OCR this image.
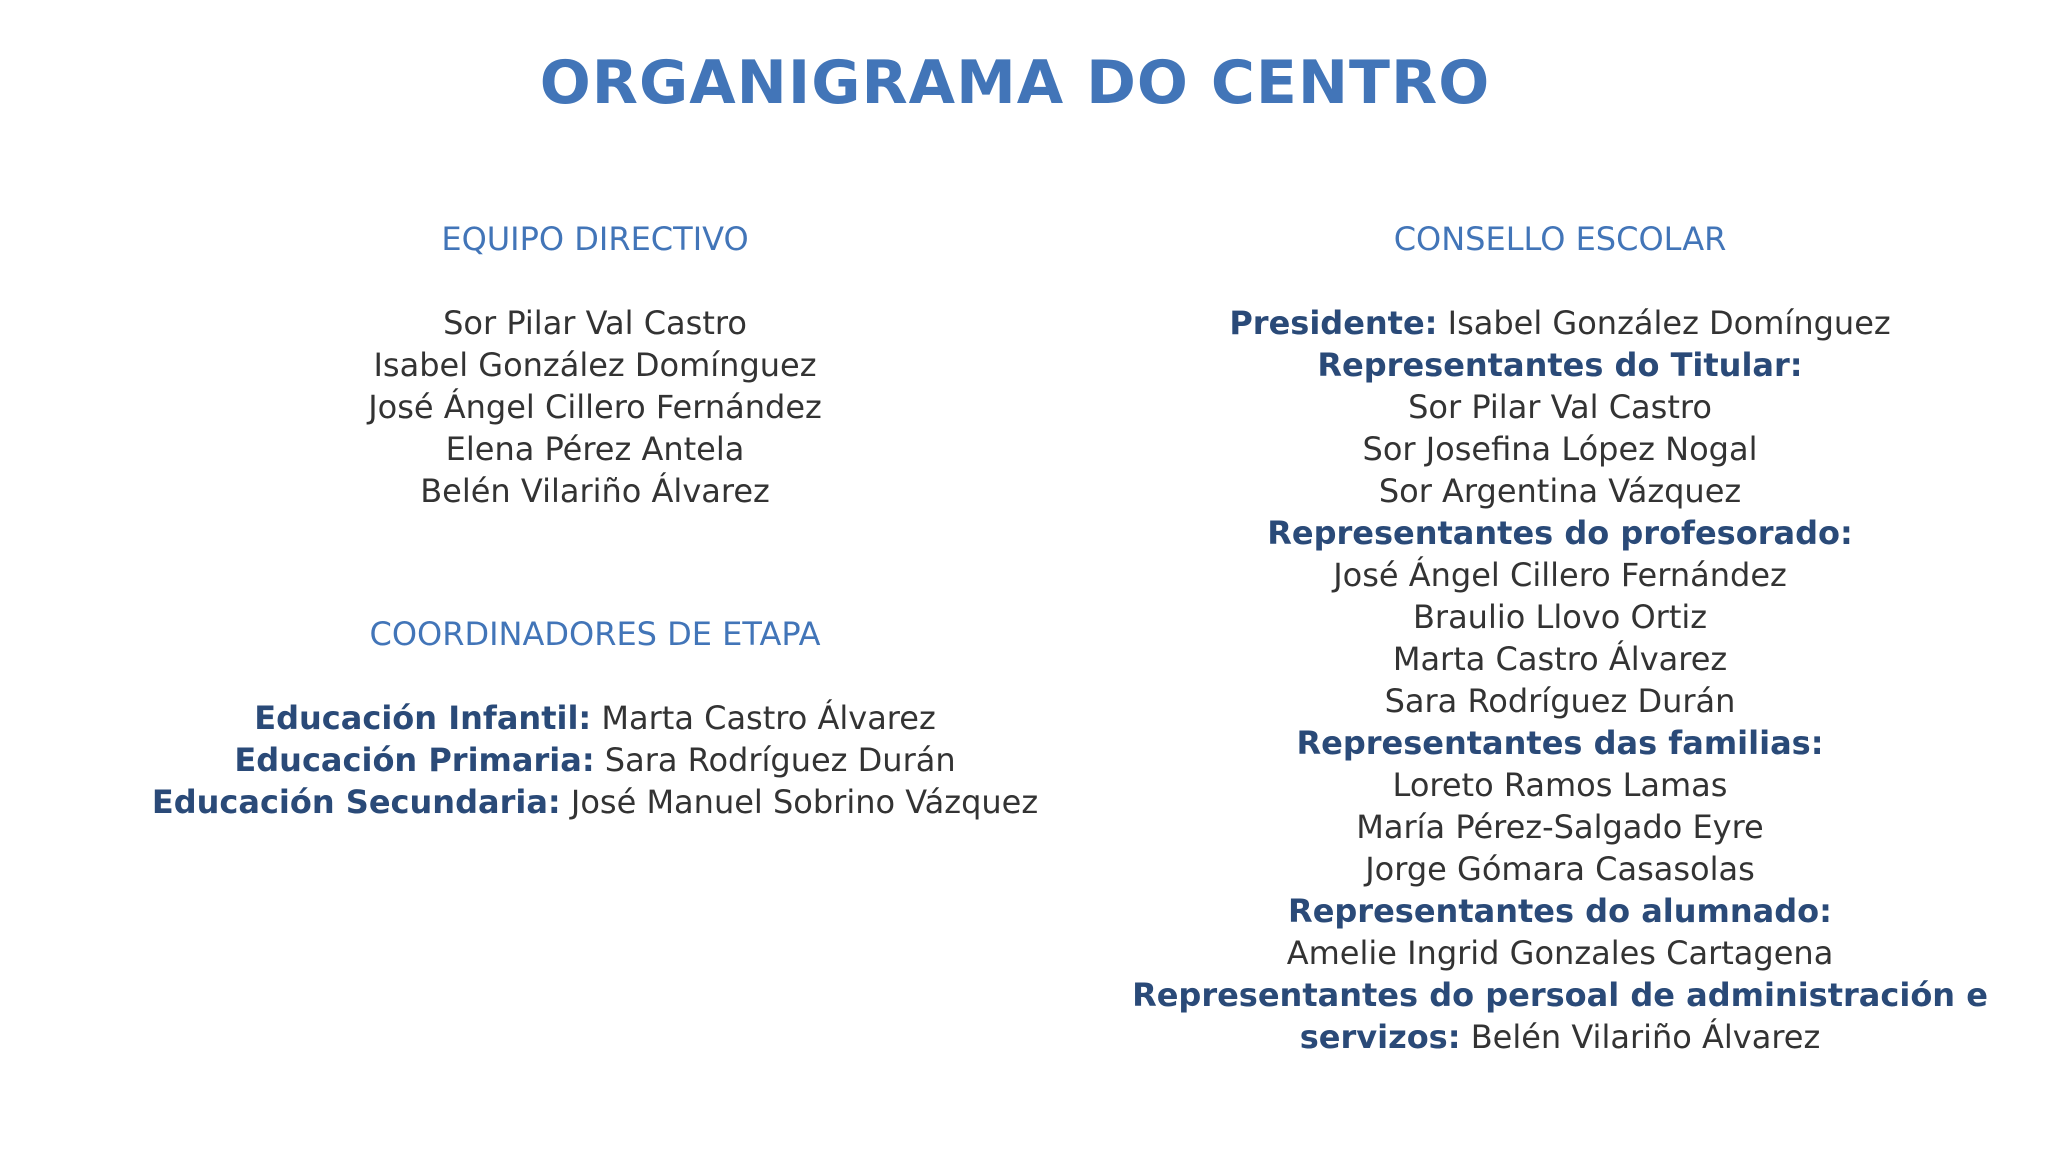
ORGANIGRAMA DO CENTRO

EQUIPO DIRECTIVO

Sor Pilar Val Castro
Isabel González Domínguez
José Ángel Cillero Fernández
Elena Pérez Antela
Belén Vilariño Álvarez

COORDINADORES DE ETAPA

Educación Infantil: Marta Castro Álvarez
Educación Primaria: Sara Rodríguez Durán
Educación Secundaria: José Manuel Sobrino Vázquez

CONSELLO ESCOLAR

Presidente: Isabel González Domínguez
Representantes do Titular:
Sor Pilar Val Castro
Sor Josefina López Nogal
Sor Argentina Vázquez
Representantes do profesorado:
José Ángel Cillero Fernández
Braulio Llovo Ortiz
Marta Castro Álvarez
Sara Rodríguez Durán
Representantes das familias:
Loreto Ramos Lamas
María Pérez-Salgado Eyre
Jorge Gómara Casasolas
Representantes do alumnado:
Amelie Ingrid Gonzales Cartagena
Representantes do persoal de administración e
servizos: Belén Vilariño Álvarez
